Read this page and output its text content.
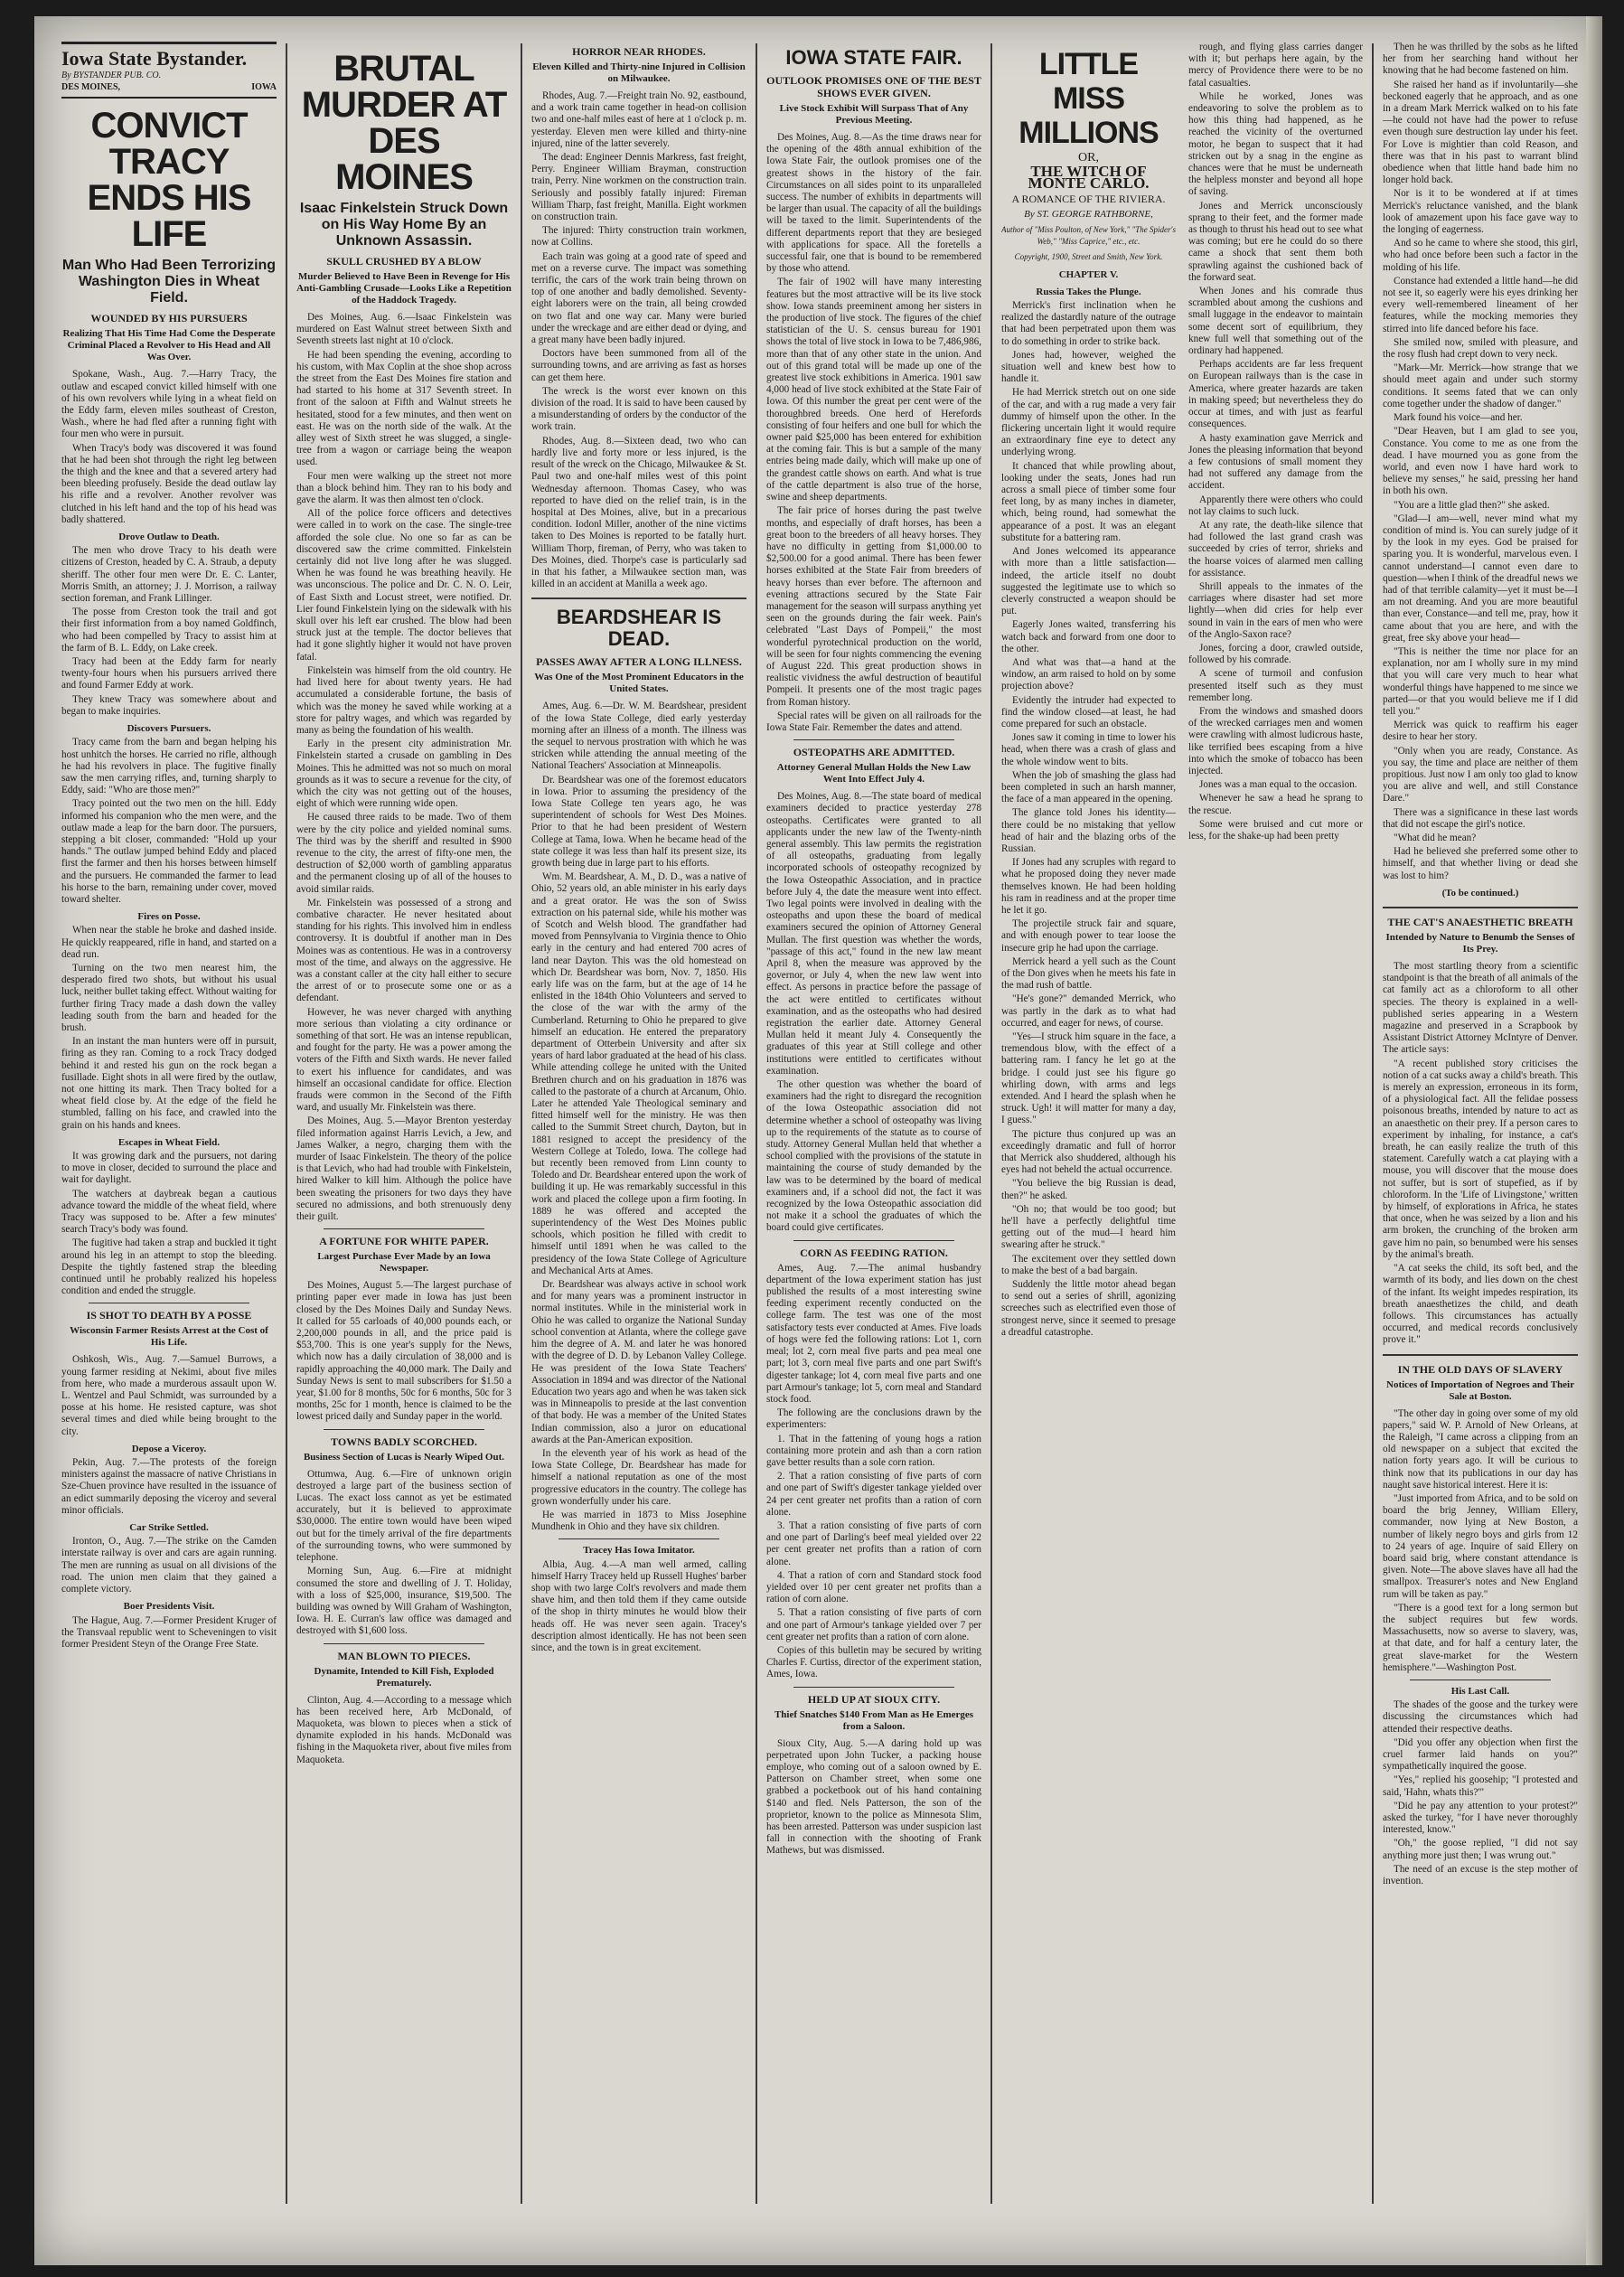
Iowa State Bystander.
By BYSTANDER PUB. CO.
DES MOINES,	IOWA
CONVICT TRACY ENDS HIS LIFE
Man Who Had Been Terrorizing Washington Dies in Wheat Field.
WOUNDED BY HIS PURSUERS
Realizing That His Time Had Come the Desperate Criminal Placed a Revolver to His Head and All Was Over.

Spokane, Wash., Aug. 7.—Harry Tracy, the outlaw and escaped convict killed himself with one of his own revolvers while lying in a wheat field on the Eddy farm, eleven miles southeast of Creston, Wash., where he had fled after a running fight with four men who were in pursuit.

When Tracy's body was discovered it was found that he had been shot through the right leg between the thigh and the knee and that a severed artery had been bleeding profusely. Beside the dead outlaw lay his rifle and a revolver. Another revolver was clutched in his left hand and the top of his head was badly shattered.

Drove Outlaw to Death.

The men who drove Tracy to his death were citizens of Creston, headed by C. A. Straub, a deputy sheriff. The other four men were Dr. E. C. Lanter, Morris Smith, an attorney; J. J. Morrison, a railway section foreman, and Frank Lillinger.

The posse from Creston took the trail and got their first information from a boy named Goldfinch, who had been compelled by Tracy to assist him at the farm of B. L. Eddy, on Lake creek.

Tracy had been at the Eddy farm for nearly twenty-four hours when his pursuers arrived there and found Farmer Eddy at work.

They knew Tracy was somewhere about and began to make inquiries.

Discovers Pursuers.

Tracy came from the barn and began helping his host unhitch the horses. He carried no rifle, although he had his revolvers in place. The fugitive finally saw the men carrying rifles, and, turning sharply to Eddy, said: "Who are those men?"

Tracy pointed out the two men on the hill. Eddy informed his companion who the men were, and the outlaw made a leap for the barn door. The pursuers, stepping a bit closer, commanded: "Hold up your hands." The outlaw jumped behind Eddy and placed first the farmer and then his horses between himself and the pursuers. He commanded the farmer to lead his horse to the barn, remaining under cover, moved toward shelter.

Fires on Posse.

When near the stable he broke and dashed inside. He quickly reappeared, rifle in hand, and started on a dead run.

Turning on the two men nearest him, the desperado fired two shots, but without his usual luck, neither bullet taking effect. Without waiting for further firing Tracy made a dash down the valley leading south from the barn and headed for the brush.

In an instant the man hunters were off in pursuit, firing as they ran. Coming to a rock Tracy dodged behind it and rested his gun on the rock began a fusillade. Eight shots in all were fired by the outlaw, not one hitting its mark. Then Tracy bolted for a wheat field close by. At the edge of the field he stumbled, falling on his face, and crawled into the grain on his hands and knees.

Escapes in Wheat Field.

It was growing dark and the pursuers, not daring to move in closer, decided to surround the place and wait for daylight.

The watchers at daybreak began a cautious advance toward the middle of the wheat field, where Tracy was supposed to be. After a few minutes' search Tracy's body was found.

The fugitive had taken a strap and buckled it tight around his leg in an attempt to stop the bleeding. Despite the tightly fastened strap the bleeding continued until he probably realized his hopeless condition and ended the struggle.

IS SHOT TO DEATH BY A POSSE
Wisconsin Farmer Resists Arrest at the Cost of His Life.

Oshkosh, Wis., Aug. 7.—Samuel Burrows, a young farmer residing at Nekimi, about five miles from here, who made a murderous assault upon W. L. Wentzel and Paul Schmidt, was surrounded by a posse at his home. He resisted capture, was shot several times and died while being brought to the city.

Depose a Viceroy.

Pekin, Aug. 7.—The protests of the foreign ministers against the massacre of native Christians in Sze-Chuen province have resulted in the issuance of an edict summarily deposing the viceroy and several minor officials.

Car Strike Settled.

Ironton, O., Aug. 7.—The strike on the Camden interstate railway is over and cars are again running. The men are running as usual on all divisions of the road. The union men claim that they gained a complete victory.

Boer Presidents Visit.

The Hague, Aug. 7.—Former President Kruger of the Transvaal republic went to Scheveningen to visit former President Steyn of the Orange Free State.

BRUTAL MURDER AT DES MOINES
Isaac Finkelstein Struck Down on His Way Home By an Unknown Assassin.
SKULL CRUSHED BY A BLOW
Murder Believed to Have Been in Revenge for His Anti-Gambling Crusade—Looks Like a Repetition of the Haddock Tragedy.

Des Moines, Aug. 6.—Isaac Finkelstein was murdered on East Walnut street between Sixth and Seventh streets last night at 10 o'clock.

He had been spending the evening, according to his custom, with Max Coplin at the shoe shop across the street from the East Des Moines fire station and had started to his home at 317 Seventh street. In front of the saloon at Fifth and Walnut streets he hesitated, stood for a few minutes, and then went on east. He was on the north side of the walk. At the alley west of Sixth street he was slugged, a single-tree from a wagon or carriage being the weapon used.

Four men were walking up the street not more than a block behind him. They ran to his body and gave the alarm. It was then almost ten o'clock.

All of the police force officers and detectives were called in to work on the case. The single-tree afforded the sole clue. No one so far as can be discovered saw the crime committed. Finkelstein certainly did not live long after he was slugged. When he was found he was breathing heavily. He was unconscious. The police and Dr. C. N. O. Leir, of East Sixth and Locust street, were notified. Dr. Lier found Finkelstein lying on the sidewalk with his skull over his left ear crushed. The blow had been struck just at the temple. The doctor believes that had it gone slightly higher it would not have proven fatal.

Finkelstein was himself from the old country. He had lived here for about twenty years. He had accumulated a considerable fortune, the basis of which was the money he saved while working at a store for paltry wages, and which was regarded by many as being the foundation of his wealth.

Early in the present city administration Mr. Finkelstein started a crusade on gambling in Des Moines. This he admitted was not so much on moral grounds as it was to secure a revenue for the city, of which the city was not getting out of the houses, eight of which were running wide open.

He caused three raids to be made. Two of them were by the city police and yielded nominal sums. The third was by the sheriff and resulted in $900 revenue to the city, the arrest of fifty-one men, the destruction of $2,000 worth of gambling apparatus and the permanent closing up of all of the houses to avoid similar raids.

Mr. Finkelstein was possessed of a strong and combative character. He never hesitated about standing for his rights. This involved him in endless controversy. It is doubtful if another man in Des Moines was as contentious. He was in a controversy most of the time, and always on the aggressive. He was a constant caller at the city hall either to secure the arrest of or to prosecute some one or as a defendant.

However, he was never charged with anything more serious than violating a city ordinance or something of that sort. He was an intense republican, and fought for the party. He was a power among the voters of the Fifth and Sixth wards. He never failed to exert his influence for candidates, and was himself an occasional candidate for office. Election frauds were common in the Second of the Fifth ward, and usually Mr. Finkelstein was there.

Des Moines, Aug. 5.—Mayor Brenton yesterday filed information against Harris Levich, a Jew, and James Walker, a negro, charging them with the murder of Isaac Finkelstein. The theory of the police is that Levich, who had had trouble with Finkelstein, hired Walker to kill him. Although the police have been sweating the prisoners for two days they have secured no admissions, and both strenuously deny their guilt.

A FORTUNE FOR WHITE PAPER.
Largest Purchase Ever Made by an Iowa Newspaper.

Des Moines, August 5.—The largest purchase of printing paper ever made in Iowa has just been closed by the Des Moines Daily and Sunday News. It called for 55 carloads of 40,000 pounds each, or 2,200,000 pounds in all, and the price paid is $53,700. This is one year's supply for the News, which now has a daily circulation of 38,000 and is rapidly approaching the 40,000 mark. The Daily and Sunday News is sent to mail subscribers for $1.50 a year, $1.00 for 8 months, 50c for 6 months, 50c for 3 months, 25c for 1 month, hence is claimed to be the lowest priced daily and Sunday paper in the world.

TOWNS BADLY SCORCHED.
Business Section of Lucas is Nearly Wiped Out.

Ottumwa, Aug. 6.—Fire of unknown origin destroyed a large part of the business section of Lucas. The exact loss cannot as yet be estimated accurately, but it is believed to approximate $30,0000. The entire town would have been wiped out but for the timely arrival of the fire departments of the surrounding towns, who were summoned by telephone.

Morning Sun, Aug. 6.—Fire at midnight consumed the store and dwelling of J. T. Holiday, with a loss of $25,000, insurance, $19,500. The building was owned by Will Graham of Washington, Iowa. H. E. Curran's law office was damaged and destroyed with $1,600 loss.

MAN BLOWN TO PIECES.
Dynamite, Intended to Kill Fish, Exploded Prematurely.

Clinton, Aug. 4.—According to a message which has been received here, Arb McDonald, of Maquoketa, was blown to pieces when a stick of dynamite exploded in his hands. McDonald was fishing in the Maquoketa river, about five miles from Maquoketa.

HORROR NEAR RHODES.
Eleven Killed and Thirty-nine Injured in Collision on Milwaukee.

Rhodes, Aug. 7.—Freight train No. 92, eastbound, and a work train came together in head-on collision two and one-half miles east of here at 1 o'clock p. m. yesterday. Eleven men were killed and thirty-nine injured, nine of the latter severely.

The dead: Engineer Dennis Markress, fast freight, Perry. Engineer William Brayman, construction train, Perry. Nine workmen on the construction train. Seriously and possibly fatally injured: Fireman William Tharp, fast freight, Manilla. Eight workmen on construction train.

The injured: Thirty construction train workmen, now at Collins.

Each train was going at a good rate of speed and met on a reverse curve. The impact was something terrific, the cars of the work train being thrown on top of one another and badly demolished. Seventy-eight laborers were on the train, all being crowded on two flat and one way car. Many were buried under the wreckage and are either dead or dying, and a great many have been badly injured.

Doctors have been summoned from all of the surrounding towns, and are arriving as fast as horses can get them here.

The wreck is the worst ever known on this division of the road. It is said to have been caused by a misunderstanding of orders by the conductor of the work train.

Rhodes, Aug. 8.—Sixteen dead, two who can hardly live and forty more or less injured, is the result of the wreck on the Chicago, Milwaukee & St. Paul two and one-half miles west of this point Wednesday afternoon. Thomas Casey, who was reported to have died on the relief train, is in the hospital at Des Moines, alive, but in a precarious condition. Iodonl Miller, another of the nine victims taken to Des Moines is reported to be fatally hurt. William Thorp, fireman, of Perry, who was taken to Des Moines, died. Thorpe's case is particularly sad in that his father, a Milwaukee section man, was killed in an accident at Manilla a week ago.

BEARDSHEAR IS DEAD.
PASSES AWAY AFTER A LONG ILLNESS.
Was One of the Most Prominent Educators in the United States.

Ames, Aug. 6.—Dr. W. M. Beardshear, president of the Iowa State College, died early yesterday morning after an illness of a month. The illness was the sequel to nervous prostration with which he was stricken while attending the annual meeting of the National Teachers' Association at Minneapolis.

Dr. Beardshear was one of the foremost educators in Iowa. Prior to assuming the presidency of the Iowa State College ten years ago, he was superintendent of schools for West Des Moines. Prior to that he had been president of Western College at Tama, Iowa. When he became head of the state college it was less than half its present size, its growth being due in large part to his efforts.

Wm. M. Beardshear, A. M., D. D., was a native of Ohio, 52 years old, an able minister in his early days and a great orator. He was the son of Swiss extraction on his paternal side, while his mother was of Scotch and Welsh blood. The grandfather had moved from Pennsylvania to Virginia thence to Ohio early in the century and had entered 700 acres of land near Dayton. This was the old homestead on which Dr. Beardshear was born, Nov. 7, 1850. His early life was on the farm, but at the age of 14 he enlisted in the 184th Ohio Volunteers and served to the close of the war with the army of the Cumberland. Returning to Ohio he prepared to give himself an education. He entered the preparatory department of Otterbein University and after six years of hard labor graduated at the head of his class. While attending college he united with the United Brethren church and on his graduation in 1876 was called to the pastorate of a church at Arcanum, Ohio. Later he attended Yale Theological seminary and fitted himself well for the ministry. He was then called to the Summit Street church, Dayton, but in 1881 resigned to accept the presidency of the Western College at Toledo, Iowa. The college had but recently been removed from Linn county to Toledo and Dr. Beardshear entered upon the work of building it up. He was remarkably successful in this work and placed the college upon a firm footing. In 1889 he was offered and accepted the superintendency of the West Des Moines public schools, which position he filled with credit to himself until 1891 when he was called to the presidency of the Iowa State College of Agriculture and Mechanical Arts at Ames.

Dr. Beardshear was always active in school work and for many years was a prominent instructor in normal institutes. While in the ministerial work in Ohio he was called to organize the National Sunday school convention at Atlanta, where the college gave him the degree of A. M. and later he was honored with the degree of D. D. by Lebanon Valley College. He was president of the Iowa State Teachers' Association in 1894 and was director of the National Education two years ago and when he was taken sick was in Minneapolis to preside at the last convention of that body. He was a member of the United States Indian commission, also a juror on educational awards at the Pan-American exposition.

In the eleventh year of his work as head of the Iowa State College, Dr. Beardshear has made for himself a national reputation as one of the most progressive educators in the country. The college has grown wonderfully under his care.

He was married in 1873 to Miss Josephine Mundhenk in Ohio and they have six children.

Tracey Has Iowa Imitator.

Albia, Aug. 4.—A man well armed, calling himself Harry Tracey held up Russell Hughes' barber shop with two large Colt's revolvers and made them shave him, and then told them if they came outside of the shop in thirty minutes he would blow their heads off. He was never seen again. Tracey's description almost identically. He has not been seen since, and the town is in great excitement.

IOWA STATE FAIR.
OUTLOOK PROMISES ONE OF THE BEST SHOWS EVER GIVEN.
Live Stock Exhibit Will Surpass That of Any Previous Meeting.

Des Moines, Aug. 8.—As the time draws near for the opening of the 48th annual exhibition of the Iowa State Fair, the outlook promises one of the greatest shows in the history of the fair. Circumstances on all sides point to its unparalleled success. The number of exhibits in departments will be larger than usual. The capacity of all the buildings will be taxed to the limit. Superintendents of the different departments report that they are besieged with applications for space. All the foretells a successful fair, one that is bound to be remembered by those who attend.

The fair of 1902 will have many interesting features but the most attractive will be its live stock show. Iowa stands preeminent among her sisters in the production of live stock. The figures of the chief statistician of the U. S. census bureau for 1901 shows the total of live stock in Iowa to be 7,486,986, more than that of any other state in the union. And out of this grand total will be made up one of the greatest live stock exhibitions in America. 1901 saw 4,000 head of live stock exhibited at the State Fair of Iowa. Of this number the great per cent were of the thoroughbred breeds. One herd of Herefords consisting of four heifers and one bull for which the owner paid $25,000 has been entered for exhibition at the coming fair. This is but a sample of the many entries being made daily, which will make up one of the grandest cattle shows on earth. And what is true of the cattle department is also true of the horse, swine and sheep departments.

The fair price of horses during the past twelve months, and especially of draft horses, has been a great boon to the breeders of all heavy horses. They have no difficulty in getting from $1,000.00 to $2,500.00 for a good animal. There has been fewer horses exhibited at the State Fair from breeders of heavy horses than ever before. The afternoon and evening attractions secured by the State Fair management for the season will surpass anything yet seen on the grounds during the fair week. Pain's celebrated "Last Days of Pompeii," the most wonderful pyrotechnical production on the world, will be seen for four nights commencing the evening of August 22d. This great production shows in realistic vividness the awful destruction of beautiful Pompeii. It presents one of the most tragic pages from Roman history.

Special rates will be given on all railroads for the Iowa State Fair. Remember the dates and attend.

OSTEOPATHS ARE ADMITTED.
Attorney General Mullan Holds the New Law Went Into Effect July 4.

Des Moines, Aug. 8.—The state board of medical examiners decided to practice yesterday 278 osteopaths. Certificates were granted to all applicants under the new law of the Twenty-ninth general assembly. This law permits the registration of all osteopaths, graduating from legally incorporated schools of osteopathy recognized by the Iowa Osteopathic Association, and in practice before July 4, the date the measure went into effect. Two legal points were involved in dealing with the osteopaths and upon these the board of medical examiners secured the opinion of Attorney General Mullan. The first question was whether the words, "passage of this act," found in the new law meant April 8, when the measure was approved by the governor, or July 4, when the new law went into effect. As persons in practice before the passage of the act were entitled to certificates without examination, and as the osteopaths who had desired registration the earlier date. Attorney General Mullan held it meant July 4. Consequently the graduates of this year at Still college and other institutions were entitled to certificates without examination.

The other question was whether the board of examiners had the right to disregard the recognition of the Iowa Osteopathic association did not determine whether a school of osteopathy was living up to the requirements of the statute as to course of study. Attorney General Mullan held that whether a school complied with the provisions of the statute in maintaining the course of study demanded by the law was to be determined by the board of medical examiners and, if a school did not, the fact it was recognized by the Iowa Osteopathic association did not make it a school the graduates of which the board could give certificates.

CORN AS FEEDING RATION.

Ames, Aug. 7.—The animal husbandry department of the Iowa experiment station has just published the results of a most interesting swine feeding experiment recently conducted on the college farm. The test was one of the most satisfactory tests ever conducted at Ames. Five loads of hogs were fed the following rations: Lot 1, corn meal; lot 2, corn meal five parts and pea meal one part; lot 3, corn meal five parts and one part Swift's digester tankage; lot 4, corn meal five parts and one part Armour's tankage; lot 5, corn meal and Standard stock food.

The following are the conclusions drawn by the experimenters:

1. That in the fattening of young hogs a ration containing more protein and ash than a corn ration gave better results than a sole corn ration.

2. That a ration consisting of five parts of corn and one part of Swift's digester tankage yielded over 24 per cent greater net profits than a ration of corn alone.

3. That a ration consisting of five parts of corn and one part of Darling's beef meal yielded over 22 per cent greater net profits than a ration of corn alone.

4. That a ration of corn and Standard stock food yielded over 10 per cent greater net profits than a ration of corn alone.

5. That a ration consisting of five parts of corn and one part of Armour's tankage yielded over 7 per cent greater net profits than a ration of corn alone.

Copies of this bulletin may be secured by writing Charles F. Curtiss, director of the experiment station, Ames, Iowa.

HELD UP AT SIOUX CITY.
Thief Snatches $140 From Man as He Emerges from a Saloon.

Sioux City, Aug. 5.—A daring hold up was perpetrated upon John Tucker, a packing house employe, who coming out of a saloon owned by E. Patterson on Chamber street, when some one grabbed a pocketbook out of his hand containing $140 and fled. Nels Patterson, the son of the proprietor, known to the police as Minnesota Slim, has been arrested. Patterson was under suspicion last fall in connection with the shooting of Frank Mathews, but was dismissed.

LITTLE MISS MILLIONS
OR,
THE WITCH OF MONTE CARLO.
A ROMANCE OF THE RIVIERA.
By ST. GEORGE RATHBORNE,
Author of "Miss Poulton, of New York," "The Spider's Web," "Miss Caprice," etc., etc.
Copyright, 1900, Street and Smith, New York.
CHAPTER V.
Russia Takes the Plunge.

Merrick's first inclination when he realized the dastardly nature of the outrage that had been perpetrated upon them was to do something in order to strike back.

Jones had, however, weighed the situation well and knew best how to handle it.

He had Merrick stretch out on one side of the car, and with a rug made a very fair dummy of himself upon the other. In the flickering uncertain light it would require an extraordinary fine eye to detect any underlying wrong.

It chanced that while prowling about, looking under the seats, Jones had run across a small piece of timber some four feet long, by as many inches in diameter, which, being round, had somewhat the appearance of a post. It was an elegant substitute for a battering ram.

And Jones welcomed its appearance with more than a little satisfaction—indeed, the article itself no doubt suggested the legitimate use to which so cleverly constructed a weapon should be put.

Eagerly Jones waited, transferring his watch back and forward from one door to the other.

And what was that—a hand at the window, an arm raised to hold on by some projection above?

Evidently the intruder had expected to find the window closed—at least, he had come prepared for such an obstacle.

Jones saw it coming in time to lower his head, when there was a crash of glass and the whole window went to bits.

When the job of smashing the glass had been completed in such an harsh manner, the face of a man appeared in the opening.

The glance told Jones his identity—there could be no mistaking that yellow head of hair and the blazing orbs of the Russian.

If Jones had any scruples with regard to what he proposed doing they never made themselves known. He had been holding his ram in readiness and at the proper time he let it go.

The projectile struck fair and square, and with enough power to tear loose the insecure grip he had upon the carriage.

Merrick heard a yell such as the Count of the Don gives when he meets his fate in the mad rush of battle.

"He's gone?" demanded Merrick, who was partly in the dark as to what had occurred, and eager for news, of course.

"Yes—I struck him square in the face, a tremendous blow, with the effect of a battering ram. I fancy he let go at the bridge. I could just see his figure go whirling down, with arms and legs extended. And I heard the splash when he struck. Ugh! it will matter for many a day, I guess."

The picture thus conjured up was an exceedingly dramatic and full of horror that Merrick also shuddered, although his eyes had not beheld the actual occurrence.

"You believe the big Russian is dead, then?" he asked.

"Oh no; that would be too good; but he'll have a perfectly delightful time getting out of the mud—I heard him swearing after he struck."

The excitement over they settled down to make the best of a bad bargain.

Suddenly the little motor ahead began to send out a series of shrill, agonizing screeches such as electrified even those of strongest nerve, since it seemed to presage a dreadful catastrophe.

rough, and flying glass carries danger with it; but perhaps here again, by the mercy of Providence there were to be no fatal casualties.

While he worked, Jones was endeavoring to solve the problem as to how this thing had happened, as he reached the vicinity of the overturned motor, he began to suspect that it had stricken out by a snag in the engine as chances were that he must be underneath the helpless monster and beyond all hope of saving.

Jones and Merrick unconsciously sprang to their feet, and the former made as though to thrust his head out to see what was coming; but ere he could do so there came a shock that sent them both sprawling against the cushioned back of the forward seat.

When Jones and his comrade thus scrambled about among the cushions and small luggage in the endeavor to maintain some decent sort of equilibrium, they knew full well that something out of the ordinary had happened.

Perhaps accidents are far less frequent on European railways than is the case in America, where greater hazards are taken in making speed; but nevertheless they do occur at times, and with just as fearful consequences.

A hasty examination gave Merrick and Jones the pleasing information that beyond a few contusions of small moment they had not suffered any damage from the accident.

Apparently there were others who could not lay claims to such luck.

At any rate, the death-like silence that had followed the last grand crash was succeeded by cries of terror, shrieks and the hoarse voices of alarmed men calling for assistance.

Shrill appeals to the inmates of the carriages where disaster had set more lightly—when did cries for help ever sound in vain in the ears of men who were of the Anglo-Saxon race?

Jones, forcing a door, crawled outside, followed by his comrade.

A scene of turmoil and confusion presented itself such as they must remember long.

From the windows and smashed doors of the wrecked carriages men and women were crawling with almost ludicrous haste, like terrified bees escaping from a hive into which the smoke of tobacco has been injected.

Jones was a man equal to the occasion.

Whenever he saw a head he sprang to the rescue.

Some were bruised and cut more or less, for the shake-up had been pretty

Then he was thrilled by the sobs as he lifted her from her searching hand without her knowing that he had become fastened on him.

She raised her hand as if involuntarily—she beckoned eagerly that he approach, and as one in a dream Mark Merrick walked on to his fate—he could not have had the power to refuse even though sure destruction lay under his feet. For Love is mightier than cold Reason, and there was that in his past to warrant blind obedience when that little hand bade him no longer hold back.

Nor is it to be wondered at if at times Merrick's reluctance vanished, and the blank look of amazement upon his face gave way to the longing of eagerness.

And so he came to where she stood, this girl, who had once before been such a factor in the molding of his life.

Constance had extended a little hand—he did not see it, so eagerly were his eyes drinking her every well-remembered lineament of her features, while the mocking memories they stirred into life danced before his face.

She smiled now, smiled with pleasure, and the rosy flush had crept down to very neck.

"Mark—Mr. Merrick—how strange that we should meet again and under such stormy conditions. It seems fated that we can only come together under the shadow of danger."

Mark found his voice—and her.

"Dear Heaven, but I am glad to see you, Constance. You come to me as one from the dead. I have mourned you as gone from the world, and even now I have hard work to believe my senses," he said, pressing her hand in both his own.

"You are a little glad then?" she asked.

"Glad—I am—well, never mind what my condition of mind is. You can surely judge of it by the look in my eyes. God be praised for sparing you. It is wonderful, marvelous even. I cannot understand—I cannot even dare to question—when I think of the dreadful news we had of that terrible calamity—yet it must be—I am not dreaming. And you are more beautiful than ever, Constance—and tell me, pray, how it came about that you are here, and with the great, free sky above your head—

"This is neither the time nor place for an explanation, nor am I wholly sure in my mind that you will care very much to hear what wonderful things have happened to me since we parted—or that you would believe me if I did tell you."

Merrick was quick to reaffirm his eager desire to hear her story.

"Only when you are ready, Constance. As you say, the time and place are neither of them propitious. Just now I am only too glad to know you are alive and well, and still Constance Dare."

There was a significance in these last words that did not escape the girl's notice.

"What did he mean?

Had he believed she preferred some other to himself, and that whether living or dead she was lost to him?

(To be continued.)
THE CAT'S ANAESTHETIC BREATH
Intended by Nature to Benumb the Senses of Its Prey.

The most startling theory from a scientific standpoint is that the breath of all animals of the cat family act as a chloroform to all other species. The theory is explained in a well-published series appearing in a Western magazine and preserved in a Scrapbook by Assistant District Attorney McIntyre of Denver. The article says:

"A recent published story criticises the notion of a cat sucks away a child's breath. This is merely an expression, erroneous in its form, of a physiological fact. All the felidae possess poisonous breaths, intended by nature to act as an anaesthetic on their prey. If a person cares to experiment by inhaling, for instance, a cat's breath, he can easily realize the truth of this statement. Carefully watch a cat playing with a mouse, you will discover that the mouse does not suffer, but is sort of stupefied, as if by chloroform. In the 'Life of Livingstone,' written by himself, of explorations in Africa, he states that once, when he was seized by a lion and his arm broken, the crunching of the broken arm gave him no pain, so benumbed were his senses by the animal's breath.

"A cat seeks the child, its soft bed, and the warmth of its body, and lies down on the chest of the infant. Its weight impedes respiration, its breath anaesthetizes the child, and death follows. This circumstances has actually occurred, and medical records conclusively prove it."

IN THE OLD DAYS OF SLAVERY
Notices of Importation of Negroes and Their Sale at Boston.

"The other day in going over some of my old papers," said W. P. Arnold of New Orleans, at the Raleigh, "I came across a clipping from an old newspaper on a subject that excited the nation forty years ago. It will be curious to think now that its publications in our day has naught save historical interest. Here it is:

"Just imported from Africa, and to be sold on board the brig Jenney, William Ellery, commander, now lying at New Boston, a number of likely negro boys and girls from 12 to 24 years of age. Inquire of said Ellery on board said brig, where constant attendance is given. Note—The above slaves have all had the smallpox. Treasurer's notes and New England rum will be taken as pay."

"There is a good text for a long sermon but the subject requires but few words. Massachusetts, now so averse to slavery, was, at that date, and for half a century later, the great slave-market for the Western hemisphere."—Washington Post.

His Last Call.

The shades of the goose and the turkey were discussing the circumstances which had attended their respective deaths.

"Did you offer any objection when first the cruel farmer laid hands on you?" sympathetically inquired the goose.

"Yes," replied his goosehip; "I protested and said, 'Hahn, whats this?'"

"Did he pay any attention to your protest?" asked the turkey, "for I have never thoroughly interested, know."

"Oh," the goose replied, "I did not say anything more just then; I was wrung out."

The need of an excuse is the step mother of invention.
